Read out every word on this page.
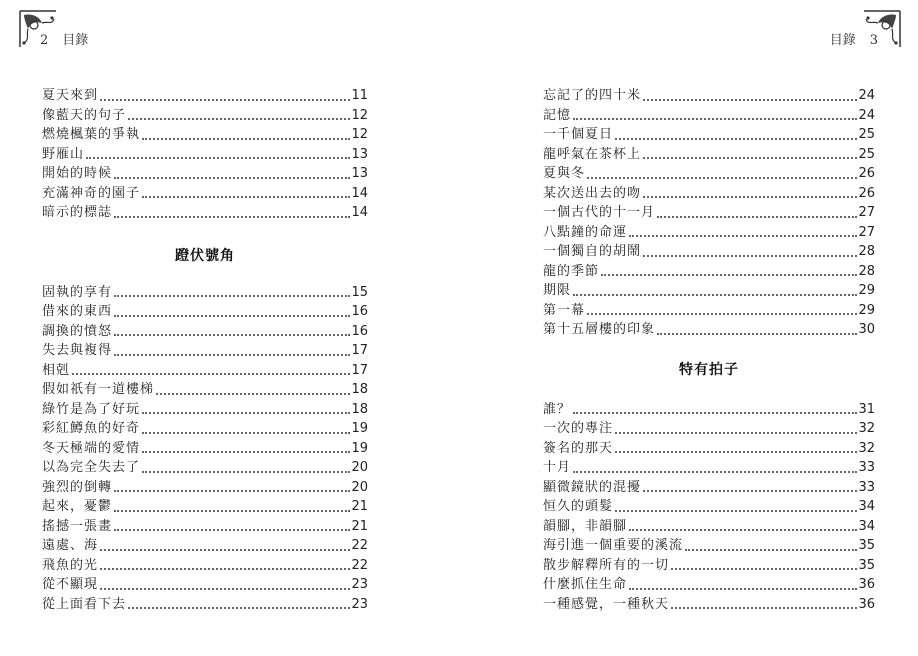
2 目錄
夏天來到	11
像藍天的句子	12
燃燒楓葉的爭執	12
野雁山	13
開始的時候	13
充滿神奇的園子	14
暗示的標誌	14
蹬伏號角
固執的享有	15
借來的東西	16
調換的憤怒	16
失去與複得	17
相剋	17
假如祇有一道樓梯	18
綠竹是為了好玩	18
彩紅鱒魚的好奇	19
冬天極端的愛情	19
以為完全失去了	20
強烈的倒轉	20
起來，憂鬱	21
搖撼一張畫	21
遠處、海	22
飛魚的光	22
從不顯現	23
從上面看下去	23
目錄 3
忘記了的四十米	24
記憶	24
一千個夏日	25
龍呼氣在茶杯上	25
夏與冬	26
某次送出去的吻	26
一個古代的十一月	27
八點鐘的命運	27
一個獨自的胡鬧	28
龍的季節	28
期限	29
第一幕	29
第十五層樓的印象	30
特有拍子
誰？	31
一次的專注	32
簽名的那天	32
十月	33
顯微鏡狀的混擾	33
恒久的頭髮	34
韻腳，非韻腳	34
海引進一個重要的溪流	35
散步解釋所有的一切	35
什麼抓住生命	36
一種感覺，一種秋天	36
